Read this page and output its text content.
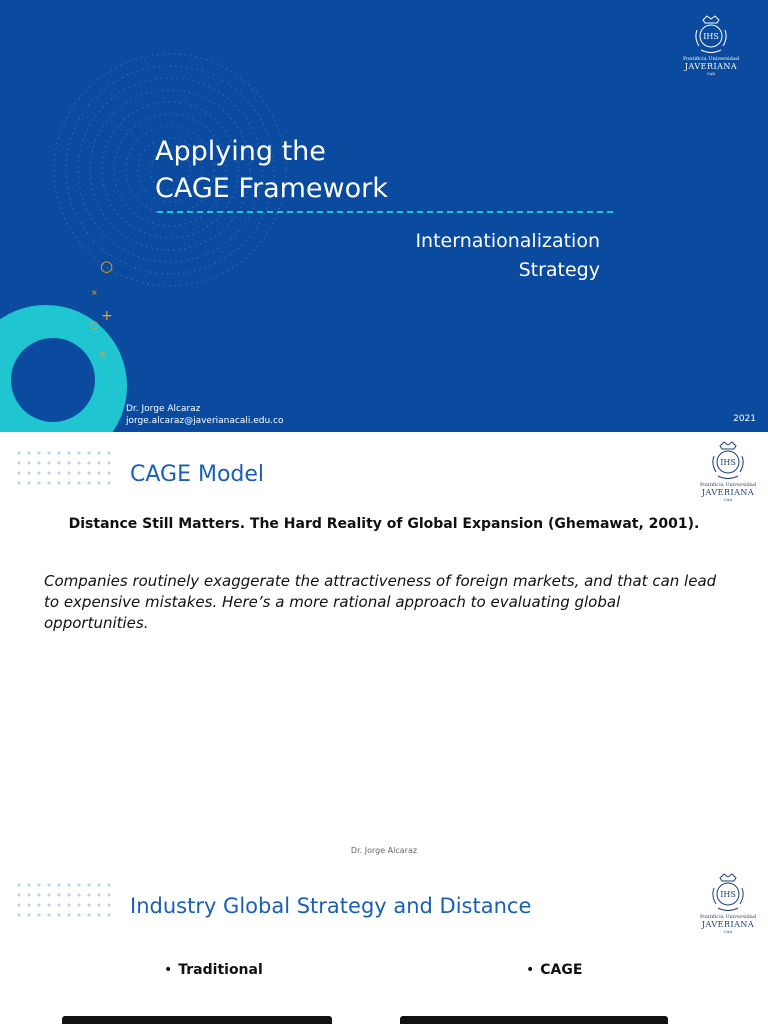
○
×
+
○
×
Applying the
CAGE Framework
Internationalization
Strategy
Dr. Jorge Alcaraz
jorge.alcaraz@javerianacali.edu.co	2021
IHS
Pontificia Universidad
JAVERIANA
Cali
CAGE Model	IHS
Pontificia Universidad
JAVERIANA
Cali
Distance Still Matters. The Hard Reality of Global Expansion (Ghemawat, 2001).

Companies routinely exaggerate the attractiveness of foreign markets, and that can lead to expensive mistakes. Here’s a more rational approach to evaluating global opportunities.

Dr. Jorge Alcaraz
Industry Global Strategy and Distance	IHS
Pontificia Universidad
JAVERIANA
Cali
• Traditional	• CAGE
